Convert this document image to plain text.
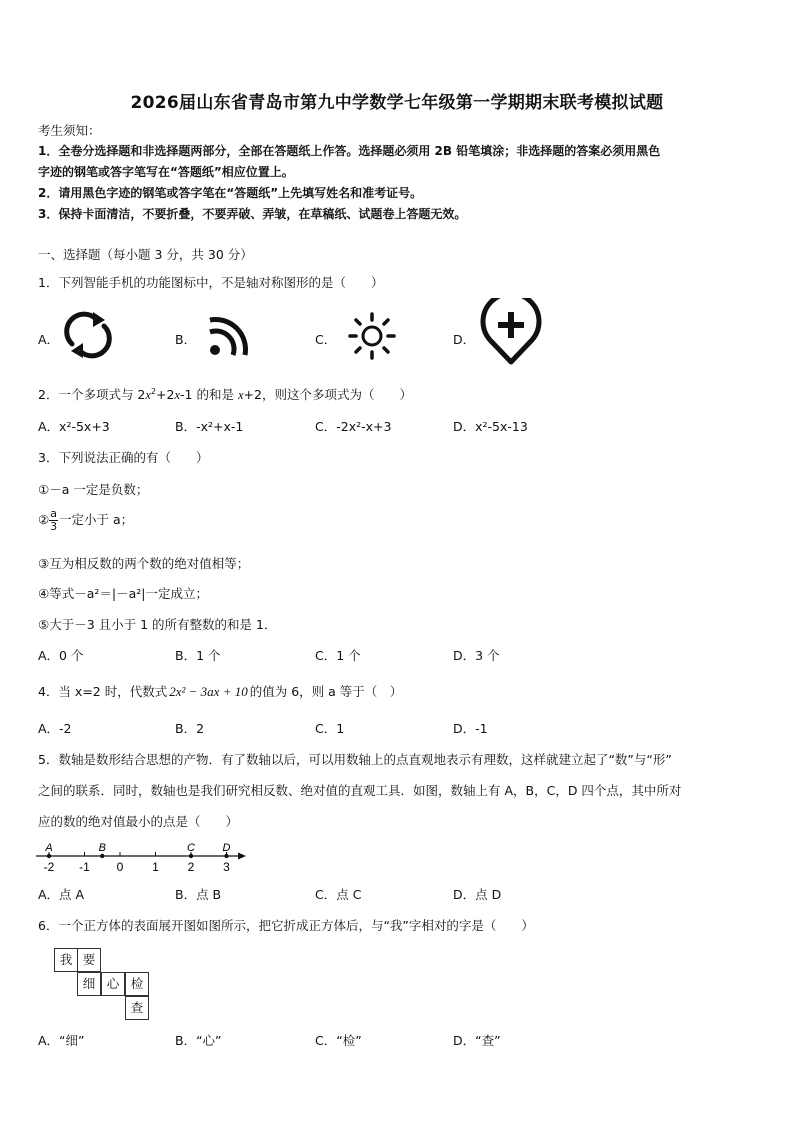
2026届山东省青岛市第九中学数学七年级第一学期期末联考模拟试题
考生须知：
1．全卷分选择题和非选择题两部分，全部在答题纸上作答。选择题必须用 2B 铅笔填涂；非选择题的答案必须用黑色
字迹的钢笔或答字笔写在“答题纸”相应位置上。
2．请用黑色字迹的钢笔或答字笔在“答题纸”上先填写姓名和准考证号。
3．保持卡面清洁，不要折叠，不要弄破、弄皱，在草稿纸、试题卷上答题无效。
一、选择题（每小题 3 分，共 30 分）
1．下列智能手机的功能图标中，不是轴对称图形的是（　　）
A．	B．	C．	D．
2．一个多项式与 $2x^2+2x-1$ 的和是 x+2，则这个多项式为（　　）
A．x²-5x+3	B．-x²+x-1	C．-2x²-x+3	D．x²-5x-13
3．下列说法正确的有（　　）
①－a 一定是负数；
② $\frac{a}{3}$ 一定小于 a；
③互为相反数的两个数的绝对值相等；
④等式－a²＝|－a²|一定成立；
⑤大于－3 且小于 1 的所有整数的和是 1．
A．0 个	B．1 个	C．1 个	D．3 个
4．当 x=2 时，代数式 2x² − 3ax + 10 的值为 6，则 a 等于（　）
A．-2	B．2	C．1	D．-1
5．数轴是数形结合思想的产物．有了数轴以后，可以用数轴上的点直观地表示有理数，这样就建立起了“数”与“形”
之间的联系．同时，数轴也是我们研究相反数、绝对值的直观工具．如图，数轴上有 A，B，C，D 四个点，其中所对
应的数的绝对值最小的点是（　　）
-2 -1 0 1 2 3
A	B	C	D
A．点 A	B．点 B	C．点 C	D．点 D
6．一个正方体的表面展开图如图所示，把它折成正方体后，与“我”字相对的字是（　　）
我 要
细 心 检
查
A．“细”	B．“心”	C．“检”	D．“查”
